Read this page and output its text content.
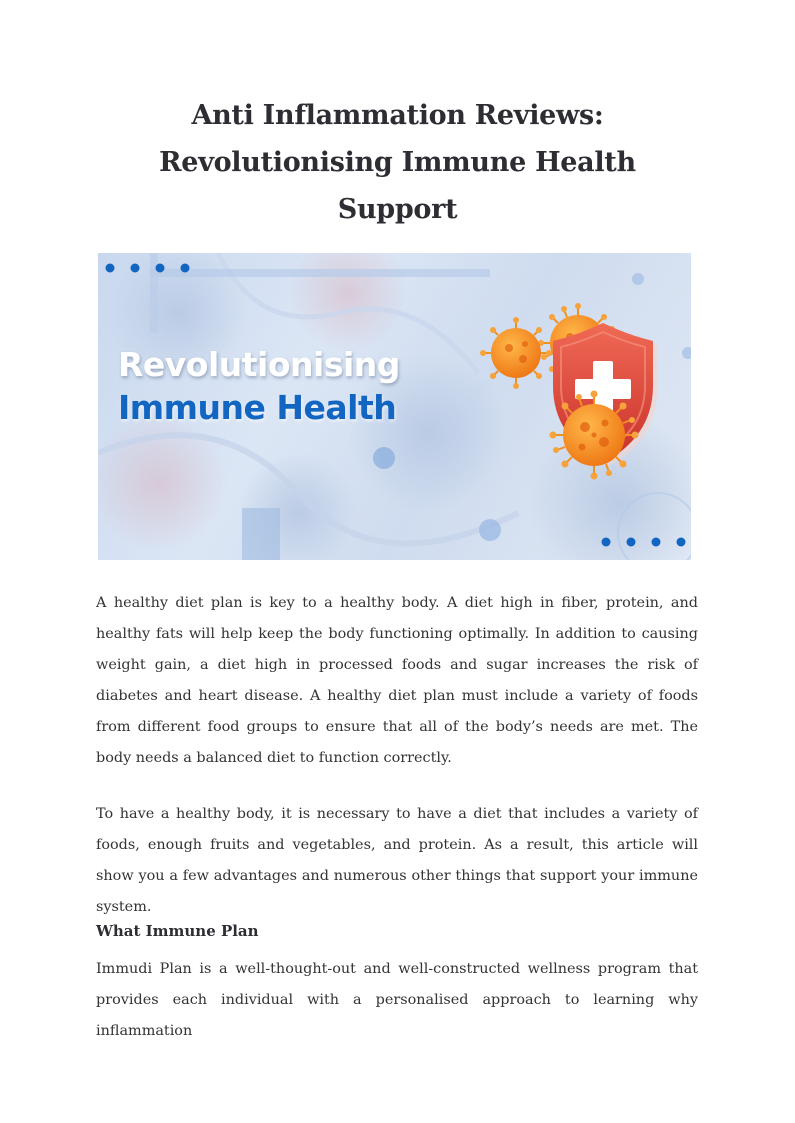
Anti Inflammation Reviews:
Revolutionising Immune Health
Support
Revolutionising
Immune Health

A healthy diet plan is key to a healthy body. A diet high in fiber, protein, and healthy fats will help keep the body functioning optimally. In addition to causing weight gain, a diet high in processed foods and sugar increases the risk of diabetes and heart disease. A healthy diet plan must include a variety of foods from different food groups to ensure that all of the body’s needs are met. The body needs a balanced diet to function correctly.

To have a healthy body, it is necessary to have a diet that includes a variety of foods, enough fruits and vegetables, and protein. As a result, this article will show you a few advantages and numerous other things that support your immune system.

What Immune Plan

Immudi Plan is a well-thought-out and well-constructed wellness program that provides each individual with a personalised approach to learning why inflammation
